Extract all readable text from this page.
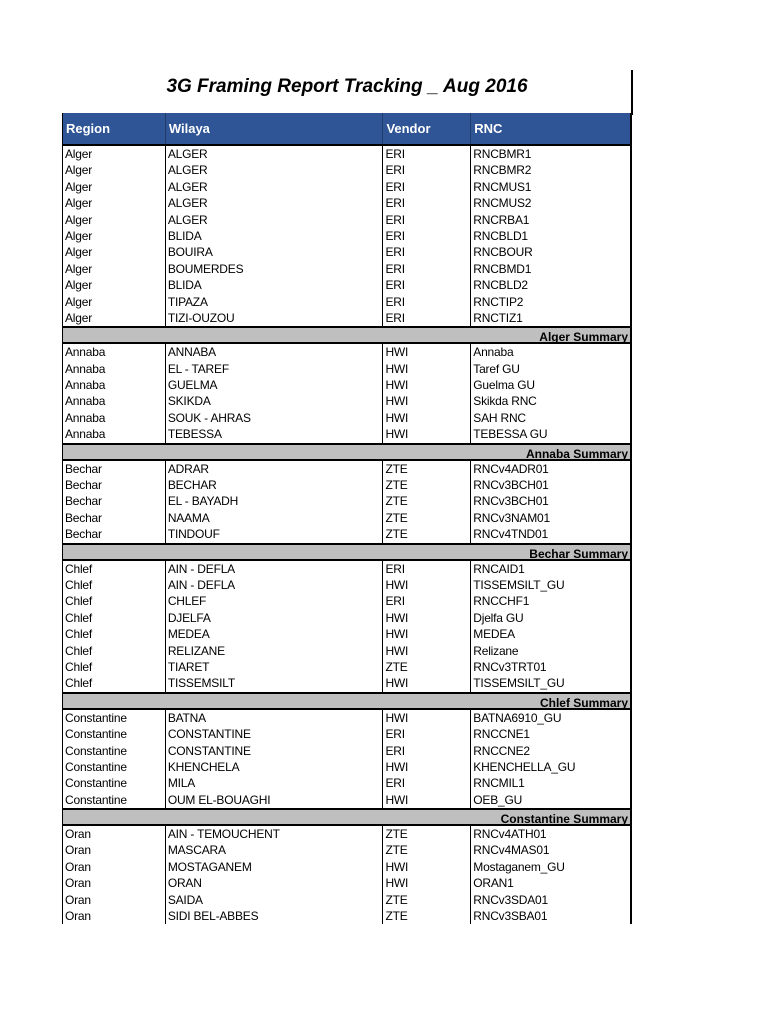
3G Framing Report Tracking _ Aug 2016
Region	Wilaya	Vendor	RNC
Alger	ALGER	ERI	RNCBMR1
Alger	ALGER	ERI	RNCBMR2
Alger	ALGER	ERI	RNCMUS1
Alger	ALGER	ERI	RNCMUS2
Alger	ALGER	ERI	RNCRBA1
Alger	BLIDA	ERI	RNCBLD1
Alger	BOUIRA	ERI	RNCBOUR
Alger	BOUMERDES	ERI	RNCBMD1
Alger	BLIDA	ERI	RNCBLD2
Alger	TIPAZA	ERI	RNCTIP2
Alger	TIZI-OUZOU	ERI	RNCTIZ1
Alger Summary
Annaba	ANNABA	HWI	Annaba
Annaba	EL - TAREF	HWI	Taref GU
Annaba	GUELMA	HWI	Guelma GU
Annaba	SKIKDA	HWI	Skikda RNC
Annaba	SOUK - AHRAS	HWI	SAH RNC
Annaba	TEBESSA	HWI	TEBESSA GU
Annaba Summary
Bechar	ADRAR	ZTE	RNCv4ADR01
Bechar	BECHAR	ZTE	RNCv3BCH01
Bechar	EL - BAYADH	ZTE	RNCv3BCH01
Bechar	NAAMA	ZTE	RNCv3NAM01
Bechar	TINDOUF	ZTE	RNCv4TND01
Bechar Summary
Chlef	AIN - DEFLA	ERI	RNCAID1
Chlef	AIN - DEFLA	HWI	TISSEMSILT_GU
Chlef	CHLEF	ERI	RNCCHF1
Chlef	DJELFA	HWI	Djelfa GU
Chlef	MEDEA	HWI	MEDEA
Chlef	RELIZANE	HWI	Relizane
Chlef	TIARET	ZTE	RNCv3TRT01
Chlef	TISSEMSILT	HWI	TISSEMSILT_GU
Chlef Summary
Constantine	BATNA	HWI	BATNA6910_GU
Constantine	CONSTANTINE	ERI	RNCCNE1
Constantine	CONSTANTINE	ERI	RNCCNE2
Constantine	KHENCHELA	HWI	KHENCHELLA_GU
Constantine	MILA	ERI	RNCMIL1
Constantine	OUM EL-BOUAGHI	HWI	OEB_GU
Constantine Summary
Oran	AIN - TEMOUCHENT	ZTE	RNCv4ATH01
Oran	MASCARA	ZTE	RNCv4MAS01
Oran	MOSTAGANEM	HWI	Mostaganem_GU
Oran	ORAN	HWI	ORAN1
Oran	SAIDA	ZTE	RNCv3SDA01
Oran	SIDI BEL-ABBES	ZTE	RNCv3SBA01
